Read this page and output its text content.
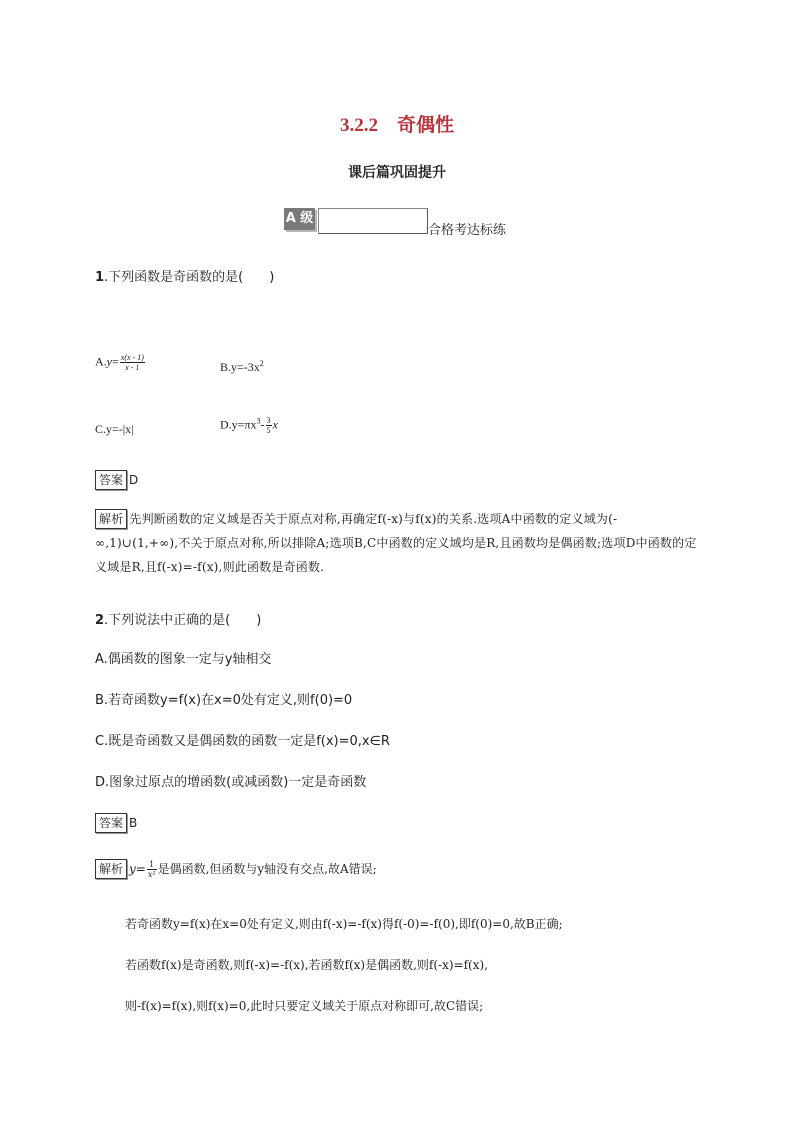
3.2.2　奇偶性
课后篇巩固提升
A 级
合格考达标练
1.下列函数是奇函数的是(　　)
$A.y= \frac{x(x - 1)}{x - 1}$	$B.y=-3x^2$
C.y=-|x|	$D.y=\pi x^3- \frac{3}{5}$ x
答案 D
解析 先判断函数的定义域是否关于原点对称,再确定f(-x)与f(x)的关系.选项A中函数的定义域为(-∞,1)∪(1,+∞),不关于原点对称,所以排除A;选项B,C中函数的定义域均是R,且函数均是偶函数;选项D中函数的定义域是R,且f(-x)=-f(x),则此函数是奇函数.
2.下列说法中正确的是(　　)
A.偶函数的图象一定与y轴相交
B.若奇函数y=f(x)在x=0处有定义,则f(0)=0
C.既是奇函数又是偶函数的函数一定是f(x)=0,x∈R
D.图象过原点的增函数(或减函数)一定是奇函数
答案 B
解析 $y= \frac{1}{\text{x²}}$ 是偶函数,但函数与y轴没有交点,故A错误;
若奇函数y=f(x)在x=0处有定义,则由f(-x)=-f(x)得f(-0)=-f(0),即f(0)=0,故B正确;
若函数f(x)是奇函数,则f(-x)=-f(x),若函数f(x)是偶函数,则f(-x)=f(x),
则-f(x)=f(x),则f(x)=0,此时只要定义域关于原点对称即可,故C错误;
